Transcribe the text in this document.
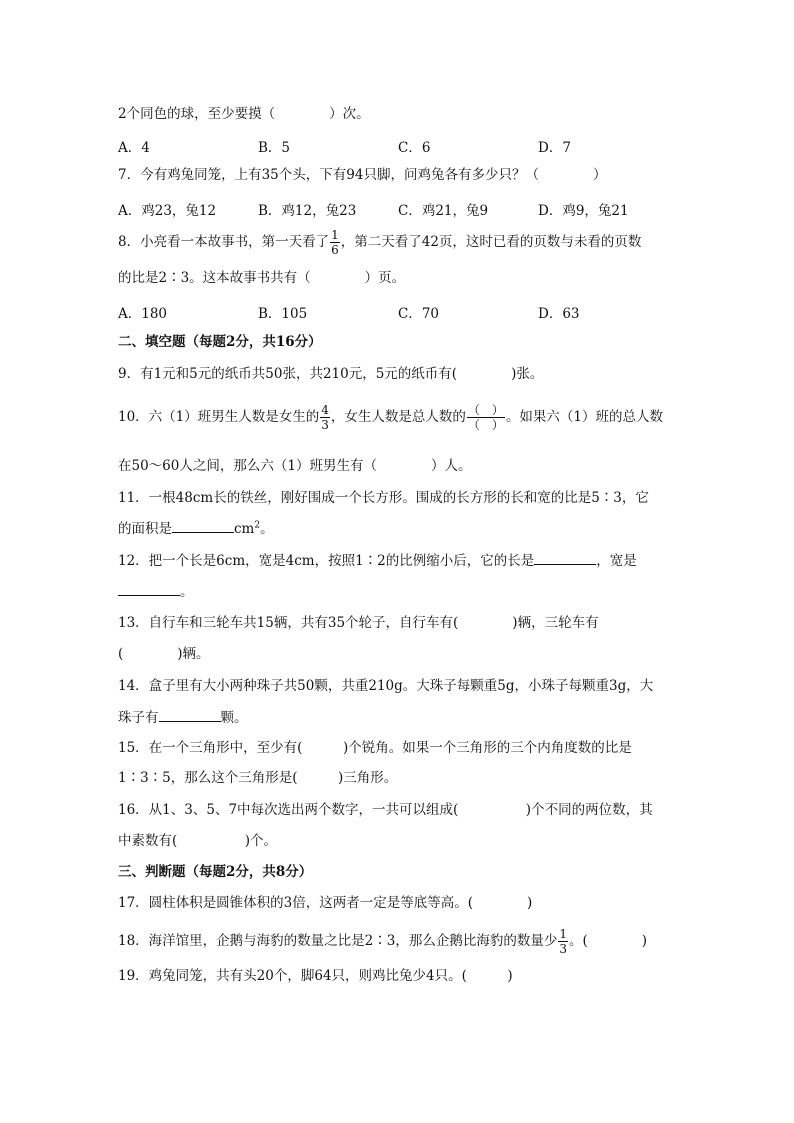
2个同色的球，至少要摸（　　　　）次。
A．4	B．5	C．6	D．7
7．今有鸡兔同笼，上有35个头，下有94只脚，问鸡兔各有多少只？（　　　　）
A．鸡23，兔12	B．鸡12，兔23	C．鸡21，兔9	D．鸡9，兔21
8．小亮看一本故事书，第一天看了 $\frac{1}{6}$ ，第二天看了42页，这时已看的页数与未看的页数
的比是2∶3。这本故事书共有（　　　　）页。
A．180	B．105	C．70	D．63
二、填空题（每题2分，共16分）
9．有1元和5元的纸币共50张，共210元，5元的纸币有(　　　　)张。
10．六（1）班男生人数是女生的 $\frac{4}{3}$ ，女生人数是总人数的 $\frac{( )}{( )}$ 。如果六（1）班的总人数
在50～60人之间，那么六（1）班男生有（　　　　）人。
11．一根48cm长的铁丝，刚好围成一个长方形。围成的长方形的长和宽的比是5∶3，它
的面积是	$cm^2$。
12．把一个长是6cm，宽是4cm，按照1∶2的比例缩小后，它的长是	，宽是
。
13．自行车和三轮车共15辆，共有35个轮子，自行车有(　　　　)辆，三轮车有
(　　　　)辆。
14．盒子里有大小两种珠子共50颗，共重210g。大珠子每颗重5g，小珠子每颗重3g，大
珠子有	颗。
15．在一个三角形中，至少有(　　　)个锐角。如果一个三角形的三个内角度数的比是
1∶3∶5，那么这个三角形是(　　　)三角形。
16．从1、3、5、7中每次选出两个数字，一共可以组成(　　　　　)个不同的两位数，其
中素数有(　　　　　)个。
三、判断题（每题2分，共8分）
17．圆柱体积是圆锥体积的3倍，这两者一定是等底等高。(　　　　)
18．海洋馆里，企鹅与海豹的数量之比是2∶3，那么企鹅比海豹的数量少 $\frac{1}{3}$ 。(　　　　)
19．鸡兔同笼，共有头20个，脚64只，则鸡比兔少4只。(　　　)
